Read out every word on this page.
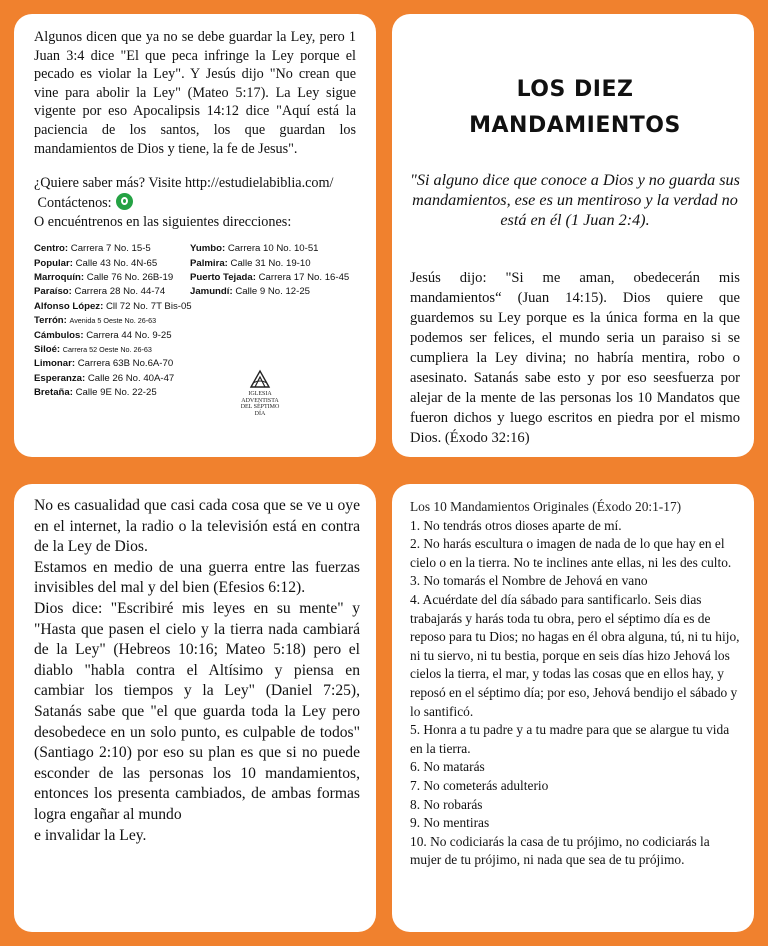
Algunos dicen que ya no se debe guardar la Ley, pero 1 Juan 3:4 dice "El que peca infringe la Ley porque el pecado es violar la Ley". Y Jesús dijo "No crean que vine para abolir la Ley" (Mateo 5:17). La Ley sigue vigente por eso Apocalipsis 14:12 dice "Aquí está la paciencia de los santos, los que guardan los mandamientos de Dios y tiene, la fe de Jesus".

¿Quiere saber más? Visite http://estudielabiblia.com/
Contáctenos:
O encuéntrenos en las siguientes direcciones:
Centro: Carrera 7 No. 15-5
Popular: Calle 43 No. 4N-65
Marroquín: Calle 76 No. 26B-19
Paraíso: Carrera 28 No. 44-74
Alfonso López: Cll 72 No. 7T Bis-05
Terrón: Avenida 5 Oeste No. 26-63
Cámbulos: Carrera 44 No. 9-25
Siloé: Carrera 52 Oeste No. 26-63
Limonar: Carrera 63B No.6A-70
Esperanza: Calle 26 No. 40A-47
Bretaña: Calle 9E No. 22-25
Yumbo: Carrera 10 No. 10-51
Palmira: Calle 31 No. 19-10
Puerto Tejada: Carrera 17 No. 16-45
Jamundí: Calle 9 No. 12-25
IGLESIA
ADVENTISTA
DEL SÉPTIMO DÍA
LOS DIEZ
MANDAMIENTOS

"Si alguno dice que conoce a Dios y no guarda sus mandamientos, ese es un mentiroso y la verdad no está en él (1 Juan 2:4).

Jesús dijo: "Si me aman, obedecerán mis mandamientos“ (Juan 14:15). Dios quiere que guardemos su Ley porque es la única forma en la que podemos ser felices, el mundo seria un paraiso si se cumpliera la Ley divina; no habría mentira, robo o asesinato. Satanás sabe esto y por eso seesfuerza por alejar de la mente de las personas los 10 Mandatos que fueron dichos y luego escritos en piedra por el mismo Dios. (Éxodo 32:16)

No es casualidad que casi cada cosa que se ve u oye en el internet, la radio o la televisión está en contra de la Ley de Dios.

Estamos en medio de una guerra entre las fuerzas invisibles del mal y del bien (Efesios 6:12).

Dios dice: "Escribiré mis leyes en su mente" y "Hasta que pasen el cielo y la tierra nada cambiará de la Ley" (Hebreos 10:16; Mateo 5:18) pero el diablo "habla contra el Altísimo y piensa en cambiar los tiempos y la Ley" (Daniel 7:25), Satanás sabe que "el que guarda toda la Ley pero desobedece en un solo punto, es culpable de todos" (Santiago 2:10) por eso su plan es que si no puede esconder de las personas los 10 mandamientos, entonces los presenta cambiados, de ambas formas logra engañar al mundo

e invalidar la Ley.

Los 10 Mandamientos Originales (Éxodo 20:1-17)
1. No tendrás otros dioses aparte de mí.
2. No harás escultura o imagen de nada de lo que hay en el cielo o en la tierra. No te inclines ante ellas, ni les des culto.
3. No tomarás el Nombre de Jehová en vano
4. Acuérdate del día sábado para santificarlo. Seis dias trabajarás y harás toda tu obra, pero el séptimo día es de reposo para tu Dios; no hagas en él obra alguna, tú, ni tu hijo, ni tu siervo, ni tu bestia, porque en seis días hizo Jehová los cielos la tierra, el mar, y todas las cosas que en ellos hay, y reposó en el séptimo día; por eso, Jehová bendijo el sábado y lo santificó.
5. Honra a tu padre y a tu madre para que se alargue tu vida en la tierra.
6. No matarás
7. No cometerás adulterio
8. No robarás
9. No mentiras
10. No codiciarás la casa de tu prójimo, no codiciarás la mujer de tu prójimo, ni nada que sea de tu prójimo.
